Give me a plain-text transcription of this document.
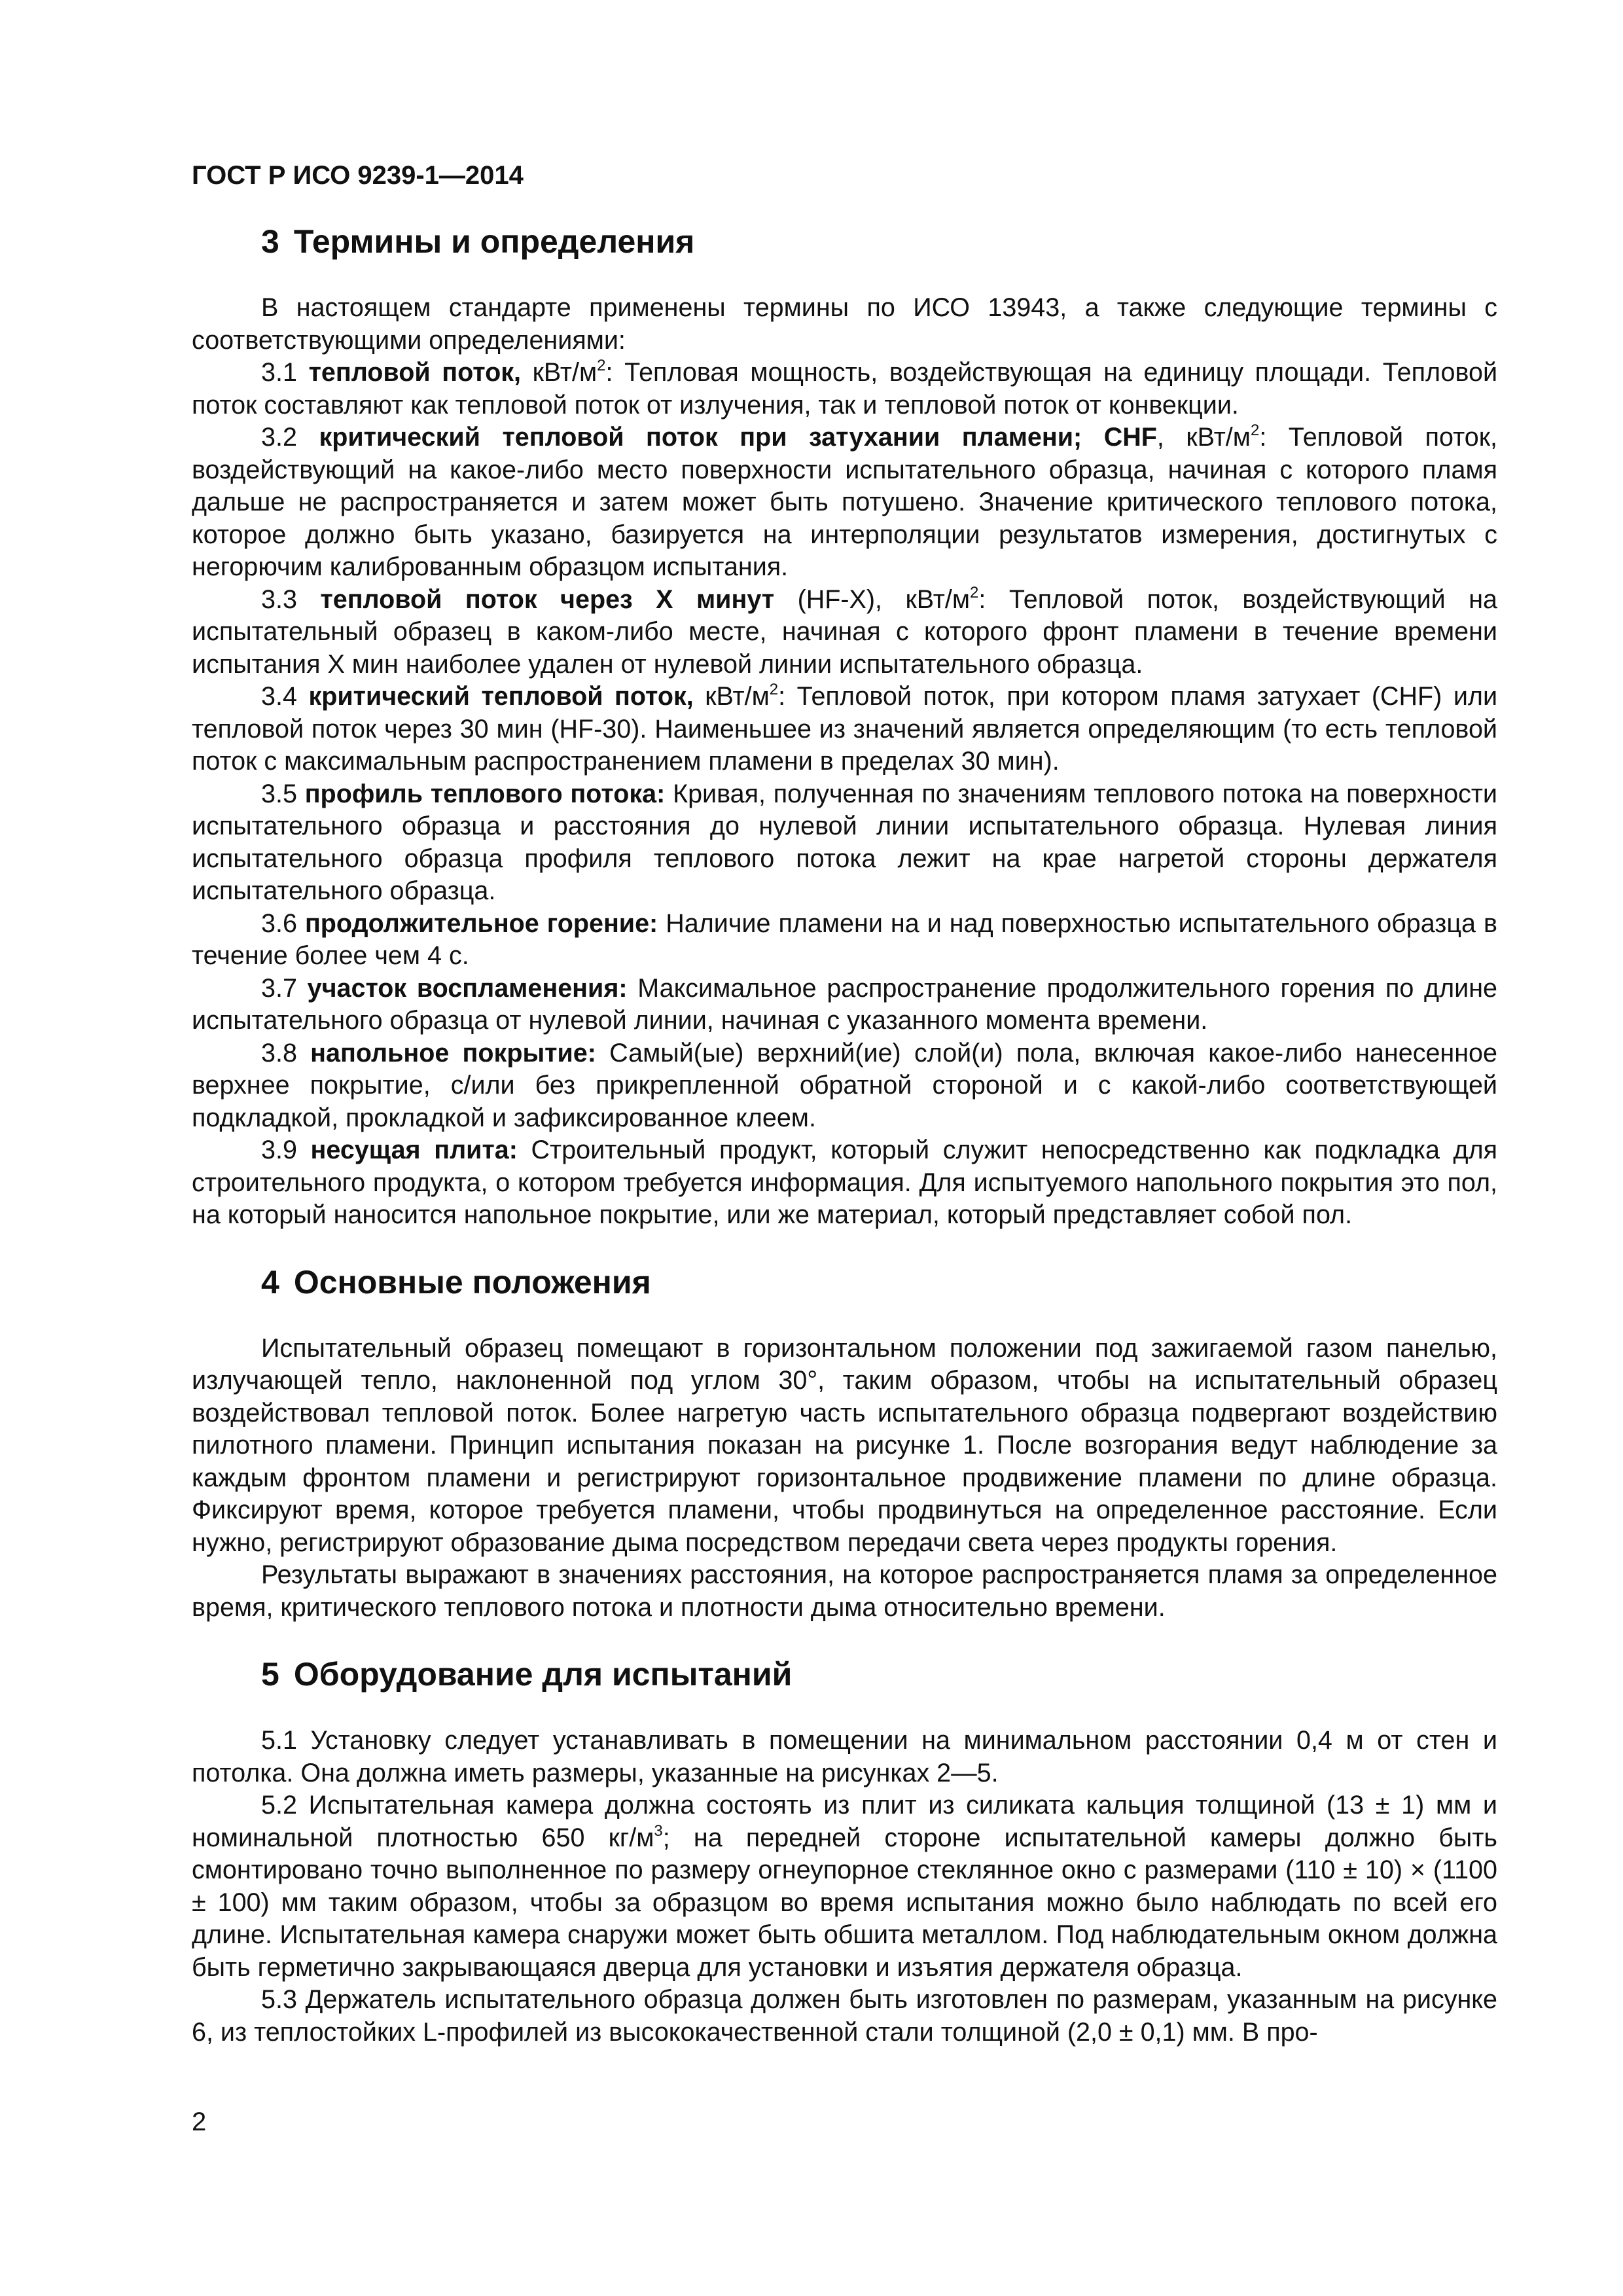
ГОСТ Р ИСО 9239-1—2014
3 Термины и определения

В настоящем стандарте применены термины по ИСО 13943, а также следующие термины с соответствующими определениями:

3.1 тепловой поток, кВт/$м^2$: Тепловая мощность, воздействующая на единицу площади. Тепловой поток составляют как тепловой поток от излучения, так и тепловой поток от конвекции.

3.2 критический тепловой поток при затухании пламени; CHF, кВт/$м^2$: Тепловой поток, воздействующий на какое-либо место поверхности испытательного образца, начиная с которого пламя дальше не распространяется и затем может быть потушено. Значение критического теплового потока, которое должно быть указано, базируется на интерполяции результатов измерения, достигнутых с негорючим калиброванным образцом испытания.

3.3 тепловой поток через X минут (HF-X), кВт/$м^2$: Тепловой поток, воздействующий на испытательный образец в каком-либо месте, начиная с которого фронт пламени в течение времени испытания X мин наиболее удален от нулевой линии испытательного образца.

3.4 критический тепловой поток, кВт/$м^2$: Тепловой поток, при котором пламя затухает (CHF) или тепловой поток через 30 мин (HF-30). Наименьшее из значений является определяющим (то есть тепловой поток с максимальным распространением пламени в пределах 30 мин).

3.5 профиль теплового потока: Кривая, полученная по значениям теплового потока на поверхности испытательного образца и расстояния до нулевой линии испытательного образца. Нулевая линия испытательного образца профиля теплового потока лежит на крае нагретой стороны держателя испытательного образца.

3.6 продолжительное горение: Наличие пламени на и над поверхностью испытательного образца в течение более чем 4 с.

3.7 участок воспламенения: Максимальное распространение продолжительного горения по длине испытательного образца от нулевой линии, начиная с указанного момента времени.

3.8 напольное покрытие: Самый(ые) верхний(ие) слой(и) пола, включая какое-либо нанесенное верхнее покрытие, с/или без прикрепленной обратной стороной и с какой-либо соответствующей подкладкой, прокладкой и зафиксированное клеем.

3.9 несущая плита: Строительный продукт, который служит непосредственно как подкладка для строительного продукта, о котором требуется информация. Для испытуемого напольного покрытия это пол, на который наносится напольное покрытие, или же материал, который представляет собой пол.

4 Основные положения

Испытательный образец помещают в горизонтальном положении под зажигаемой газом панелью, излучающей тепло, наклоненной под углом 30°, таким образом, чтобы на испытательный образец воздействовал тепловой поток. Более нагретую часть испытательного образца подвергают воздействию пилотного пламени. Принцип испытания показан на рисунке 1. После возгорания ведут наблюдение за каждым фронтом пламени и регистрируют горизонтальное продвижение пламени по длине образца. Фиксируют время, которое требуется пламени, чтобы продвинуться на определенное расстояние. Если нужно, регистрируют образование дыма посредством передачи света через продукты горения.

Результаты выражают в значениях расстояния, на которое распространяется пламя за определенное время, критического теплового потока и плотности дыма относительно времени.

5 Оборудование для испытаний

5.1 Установку следует устанавливать в помещении на минимальном расстоянии 0,4 м от стен и потолка. Она должна иметь размеры, указанные на рисунках 2—5.

5.2 Испытательная камера должна состоять из плит из силиката кальция толщиной (13 ± 1) мм и номинальной плотностью 650 $кг/м^3$; на передней стороне испытательной камеры должно быть смонтировано точно выполненное по размеру огнеупорное стеклянное окно с размерами (110 ± 10) × (1100 ± 100) мм таким образом, чтобы за образцом во время испытания можно было наблюдать по всей его длине. Испытательная камера снаружи может быть обшита металлом. Под наблюдательным окном должна быть герметично закрывающаяся дверца для установки и изъятия держателя образца.

5.3 Держатель испытательного образца должен быть изготовлен по размерам, указанным на рисунке 6, из теплостойких L-профилей из высококачественной стали толщиной (2,0 ± 0,1) мм. В про-

2
